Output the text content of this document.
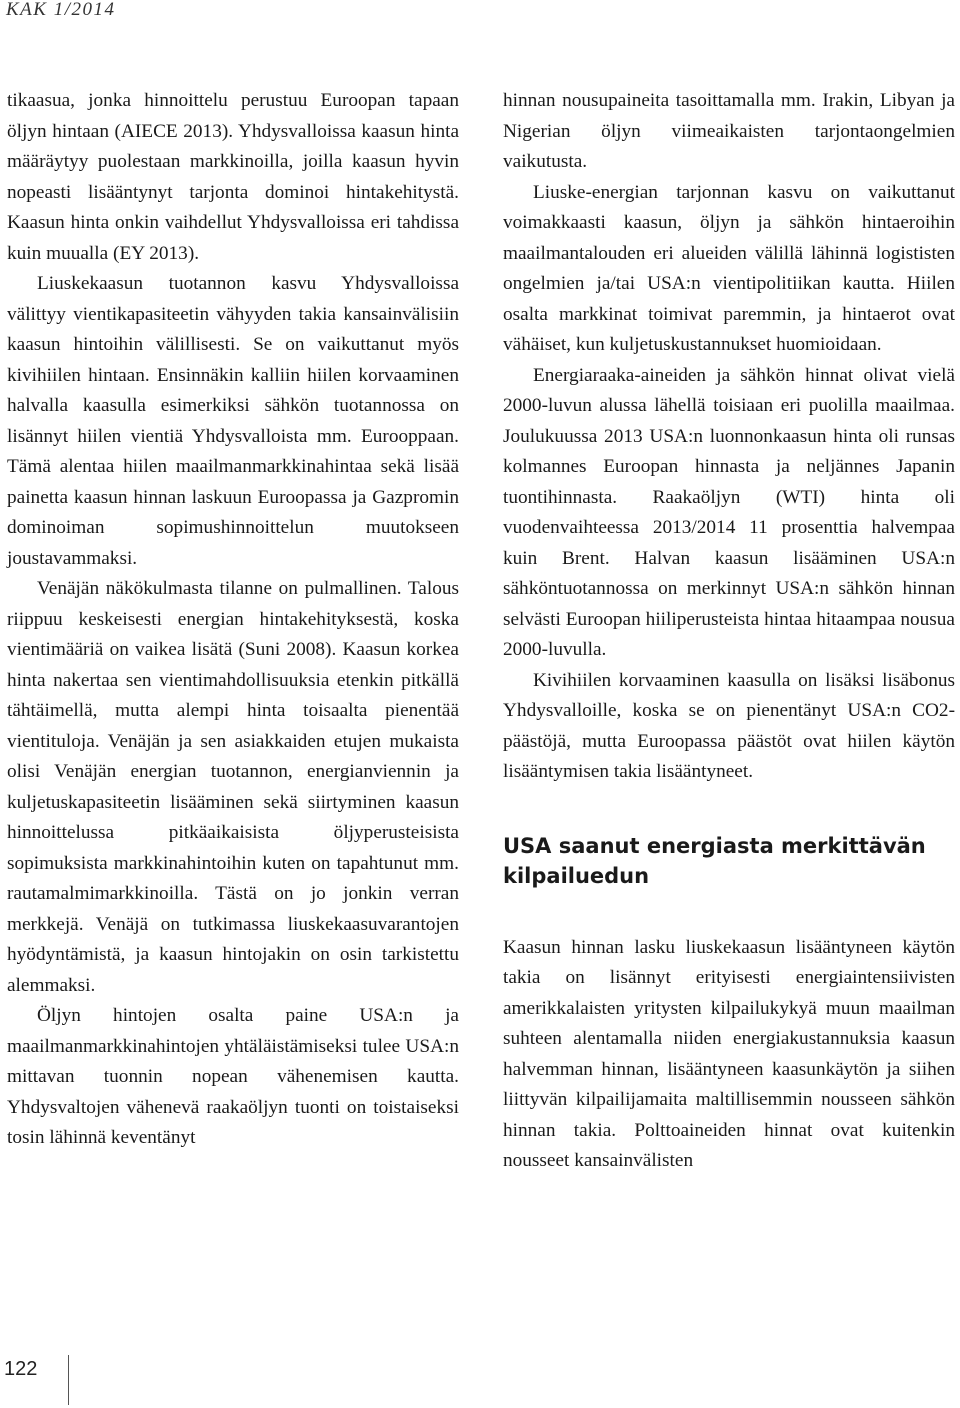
KAK 1/2014

tikaasua, jonka hinnoittelu perustuu Euroopan tapaan öljyn hintaan (AIECE 2013). Yhdysvalloissa kaasun hinta määräytyy puolestaan markkinoilla, joilla kaasun hyvin nopeasti lisääntynyt tarjonta dominoi hintakehitystä. Kaasun hinta onkin vaihdellut Yhdysvalloissa eri tahdissa kuin muualla (EY 2013).

Liuskekaasun tuotannon kasvu Yhdysvalloissa välittyy vientikapasiteetin vähyyden takia kansainvälisiin kaasun hintoihin välillisesti. Se on vaikuttanut myös kivihiilen hintaan. Ensinnäkin kalliin hiilen korvaaminen halvalla kaasulla esimerkiksi sähkön tuotannossa on lisännyt hiilen vientiä Yhdysvalloista mm. Eurooppaan. Tämä alentaa hiilen maailmanmarkkinahintaa sekä lisää painetta kaasun hinnan laskuun Euroopassa ja Gazpromin dominoiman sopimushinnoittelun muutokseen joustavammaksi.

Venäjän näkökulmasta tilanne on pulmallinen. Talous riippuu keskeisesti energian hintakehityksestä, koska vientimääriä on vaikea lisätä (Suni 2008). Kaasun korkea hinta nakertaa sen vientimahdollisuuksia etenkin pitkällä tähtäimellä, mutta alempi hinta toisaalta pienentää vientituloja. Venäjän ja sen asiakkaiden etujen mukaista olisi Venäjän energian tuotannon, energianviennin ja kuljetuskapasiteetin lisääminen sekä siirtyminen kaasun hinnoittelussa pitkäaikaisista öljyperusteisista sopimuksista markkinahintoihin kuten on tapahtunut mm. rautamalmimarkkinoilla. Tästä on jo jonkin verran merkkejä. Venäjä on tutkimassa liuskekaasuvarantojen hyödyntämistä, ja kaasun hintojakin on osin tarkistettu alemmaksi.

Öljyn hintojen osalta paine USA:n ja maailmanmarkkinahintojen yhtäläistämiseksi tulee USA:n mittavan tuonnin nopean vähenemisen kautta. Yhdysvaltojen vähenevä raakaöljyn tuonti on toistaiseksi tosin lähinnä keventänyt

hinnan nousupaineita tasoittamalla mm. Irakin, Libyan ja Nigerian öljyn viimeaikaisten tarjontaongelmien vaikutusta.

Liuske-energian tarjonnan kasvu on vaikuttanut voimakkaasti kaasun, öljyn ja sähkön hintaeroihin maailmantalouden eri alueiden välillä lähinnä logististen ongelmien ja/tai USA:n vientipolitiikan kautta. Hiilen osalta markkinat toimivat paremmin, ja hintaerot ovat vähäiset, kun kuljetuskustannukset huomioidaan.

Energiaraaka-aineiden ja sähkön hinnat olivat vielä 2000-luvun alussa lähellä toisiaan eri puolilla maailmaa. Joulukuussa 2013 USA:n luonnonkaasun hinta oli runsas kolmannes Euroopan hinnasta ja neljännes Japanin tuontihinnasta. Raakaöljyn (WTI) hinta oli vuodenvaihteessa 2013/2014 11 prosenttia halvempaa kuin Brent. Halvan kaasun lisääminen USA:n sähköntuotannossa on merkinnyt USA:n sähkön hinnan selvästi Euroopan hiiliperusteista hintaa hitaampaa nousua 2000-luvulla.

Kivihiilen korvaaminen kaasulla on lisäksi lisäbonus Yhdysvalloille, koska se on pienentänyt USA:n CO2-päästöjä, mutta Euroopassa päästöt ovat hiilen käytön lisääntymisen takia lisääntyneet.

USA saanut energiasta merkittävän kilpailuedun

Kaasun hinnan lasku liuskekaasun lisääntyneen käytön takia on lisännyt erityisesti energiaintensiivisten amerikkalaisten yritysten kilpailukykyä muun maailman suhteen alentamalla niiden energiakustannuksia kaasun halvemman hinnan, lisääntyneen kaasunkäytön ja siihen liittyvän kilpailijamaita maltillisemmin nousseen sähkön hinnan takia. Polttoaineiden hinnat ovat kuitenkin nousseet kansainvälisten

122
